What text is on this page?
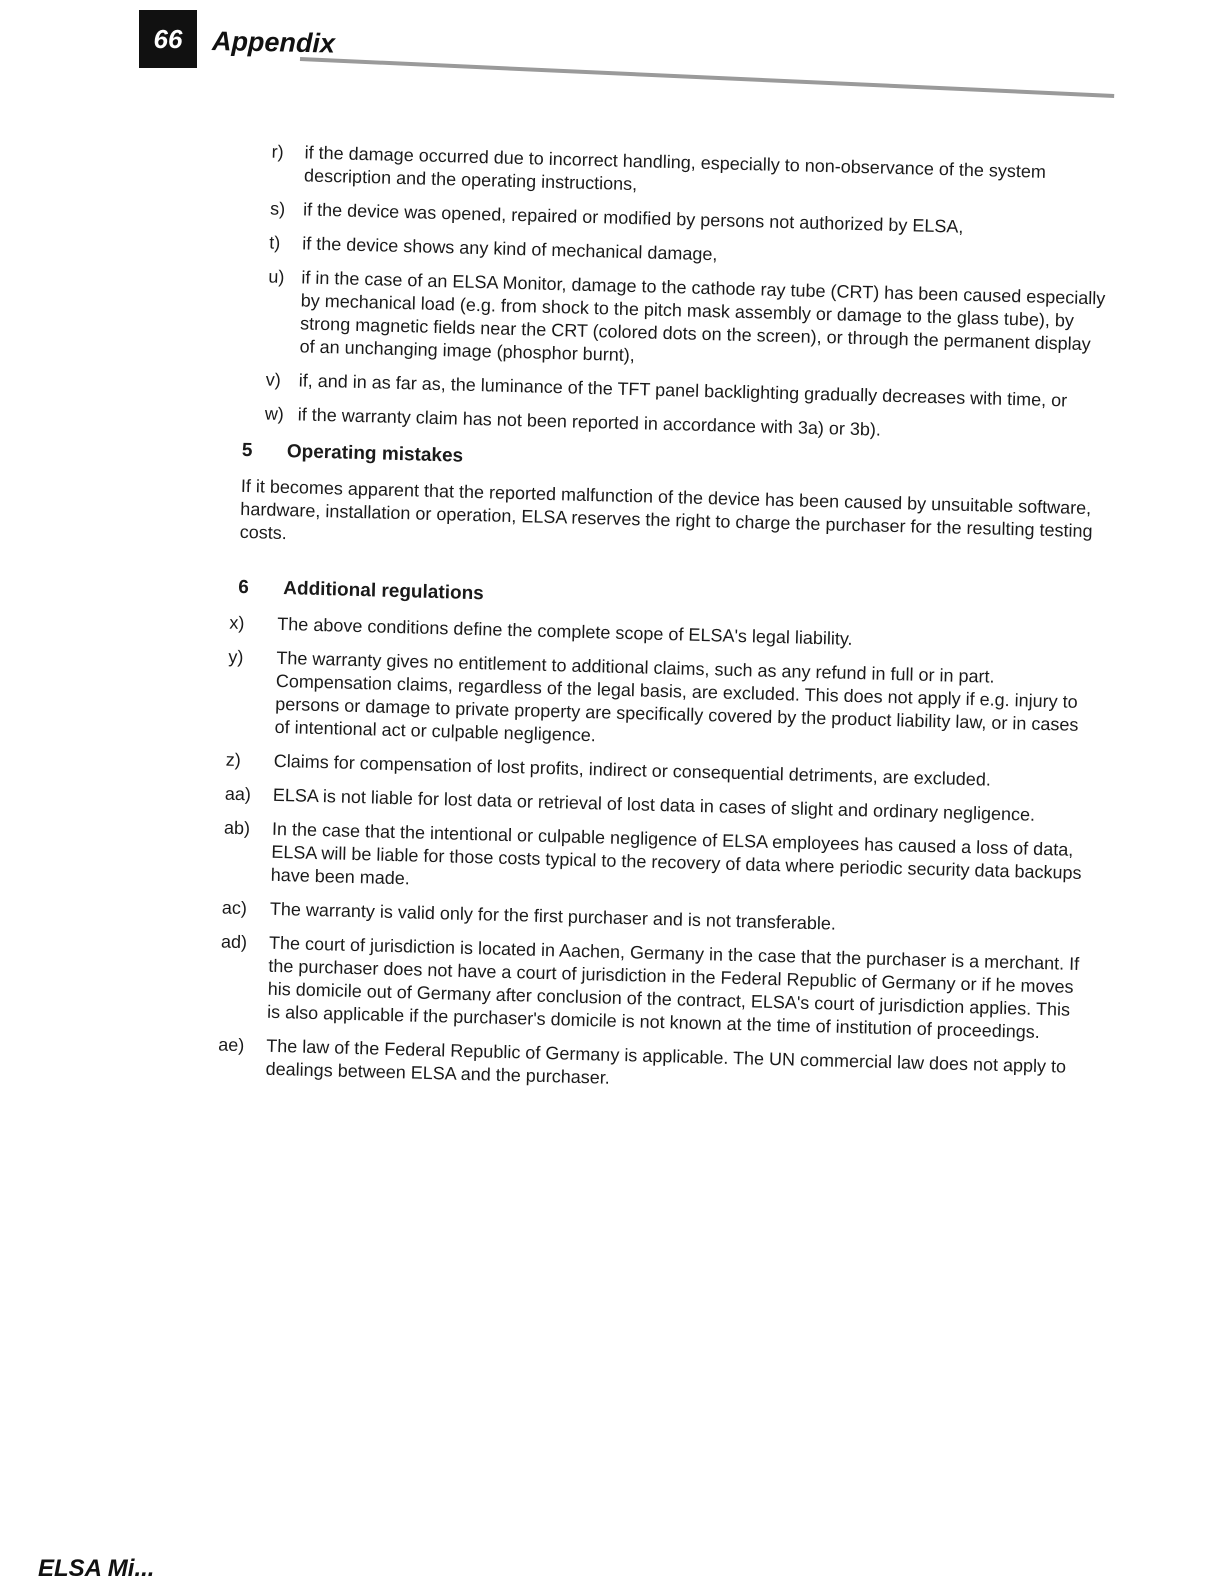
66	Appendix
r) if the damage occurred due to incorrect handling, especially to non-observance of the system description and the operating instructions,
s) if the device was opened, repaired or modified by persons not authorized by ELSA,
t) if the device shows any kind of mechanical damage,
u) if in the case of an ELSA Monitor, damage to the cathode ray tube (CRT) has been caused especially by mechanical load (e.g. from shock to the pitch mask assembly or damage to the glass tube), by strong magnetic fields near the CRT (colored dots on the screen), or through the permanent display of an unchanging image (phosphor burnt),
v) if, and in as far as, the luminance of the TFT panel backlighting gradually decreases with time, or
w) if the warranty claim has not been reported in accordance with 3a) or 3b).
5 Operating mistakes
If it becomes apparent that the reported malfunction of the device has been caused by unsuitable software, hardware, installation or operation, ELSA reserves the right to charge the purchaser for the resulting testing costs.
6 Additional regulations
x) The above conditions define the complete scope of ELSA's legal liability.
y) The warranty gives no entitlement to additional claims, such as any refund in full or in part. Compensation claims, regardless of the legal basis, are excluded. This does not apply if e.g. injury to persons or damage to private property are specifically covered by the product liability law, or in cases of intentional act or culpable negligence.
z) Claims for compensation of lost profits, indirect or consequential detriments, are excluded.
aa) ELSA is not liable for lost data or retrieval of lost data in cases of slight and ordinary negligence.
ab) In the case that the intentional or culpable negligence of ELSA employees has caused a loss of data, ELSA will be liable for those costs typical to the recovery of data where periodic security data backups have been made.
ac) The warranty is valid only for the first purchaser and is not transferable.
ad) The court of jurisdiction is located in Aachen, Germany in the case that the purchaser is a merchant. If the purchaser does not have a court of jurisdiction in the Federal Republic of Germany or if he moves his domicile out of Germany after conclusion of the contract, ELSA's court of jurisdiction applies. This is also applicable if the purchaser's domicile is not known at the time of institution of proceedings.
ae) The law of the Federal Republic of Germany is applicable. The UN commercial law does not apply to dealings between ELSA and the purchaser.
ELSA Mi...
